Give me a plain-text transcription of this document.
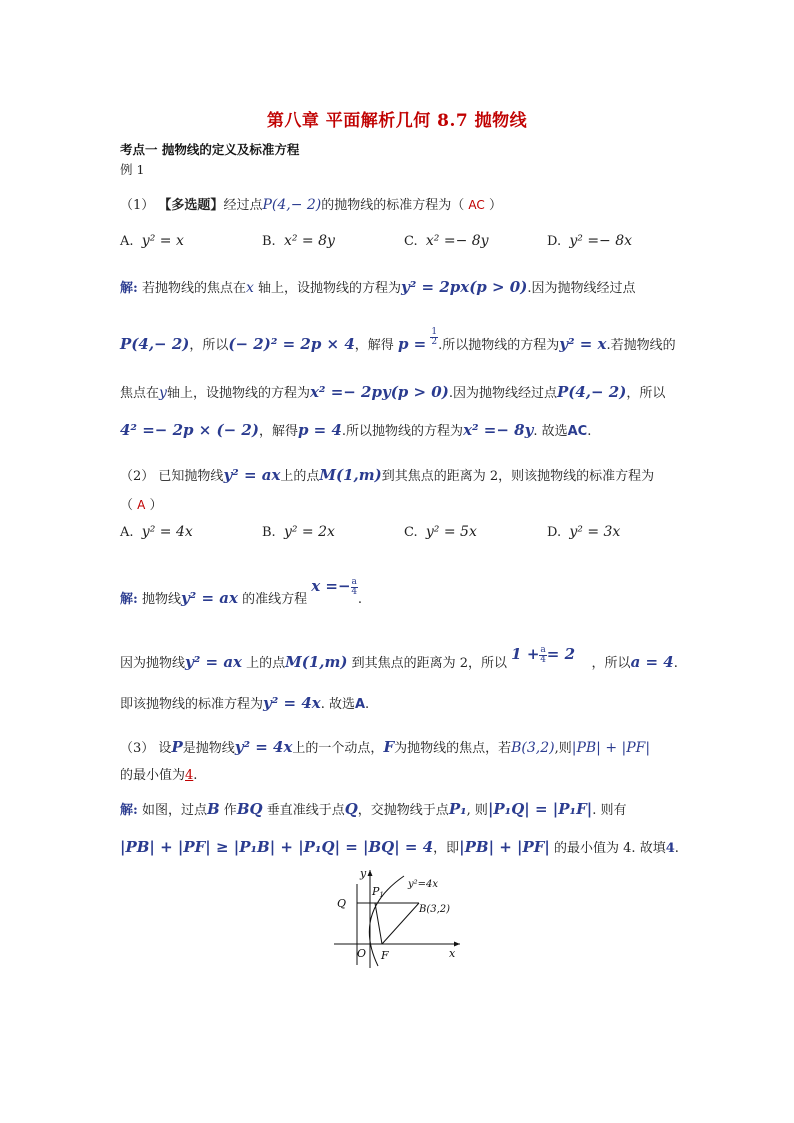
第八章 平面解析几何 8.7 抛物线
考点一 抛物线的定义及标准方程
例 1
（1） 【多选题】经过点P(4,− 2)的抛物线的标准方程为（ AC ）
A. y² = x	B. x² = 8y	C. x² =− 8y	D. y² =− 8x
解: 若抛物线的焦点在x 轴上，设抛物线的方程为y² = 2px(p > 0).因为抛物线经过点
P(4,− 2)，所以(− 2)² = 2p × 4，解得 $p = \frac{1}{2}$ .所以抛物线的方程为y² = x.若抛物线的
焦点在y轴上，设抛物线的方程为x² =− 2py(p > 0).因为抛物线经过点P(4,− 2)，所以
4² =− 2p × (− 2)，解得p = 4.所以抛物线的方程为x² =− 8y. 故选AC.
（2） 已知抛物线y² = ax上的点M(1,m)到其焦点的距离为 2，则该抛物线的标准方程为
（ A ）
A. y² = 4x	B. y² = 2x	C. y² = 5x	D. y² = 3x
解: 抛物线y² = ax 的准线方程 $x =- \frac{a}{4}$
.
因为抛物线y² = ax 上的点M(1,m) 到其焦点的距离为 2，所以 $1 + \frac{a}{4} = 2$    ，所以a = 4.
即该抛物线的标准方程为y² = 4x. 故选A.
（3） 设P是抛物线y² = 4x上的一个动点，F为抛物线的焦点，若B(3,2),则|PB| + |PF|
的最小值为4.
解: 如图，过点B 作BQ 垂直准线于点Q，交抛物线于点P₁, 则|P₁Q| = |P₁F|. 则有
|PB| + |PF| ≥ |P₁B| + |P₁Q| = |BQ| = 4，即|PB| + |PF| 的最小值为 4. 故填4.
y
x
O
Q
P1
F
B(3,2)
y²=4x
